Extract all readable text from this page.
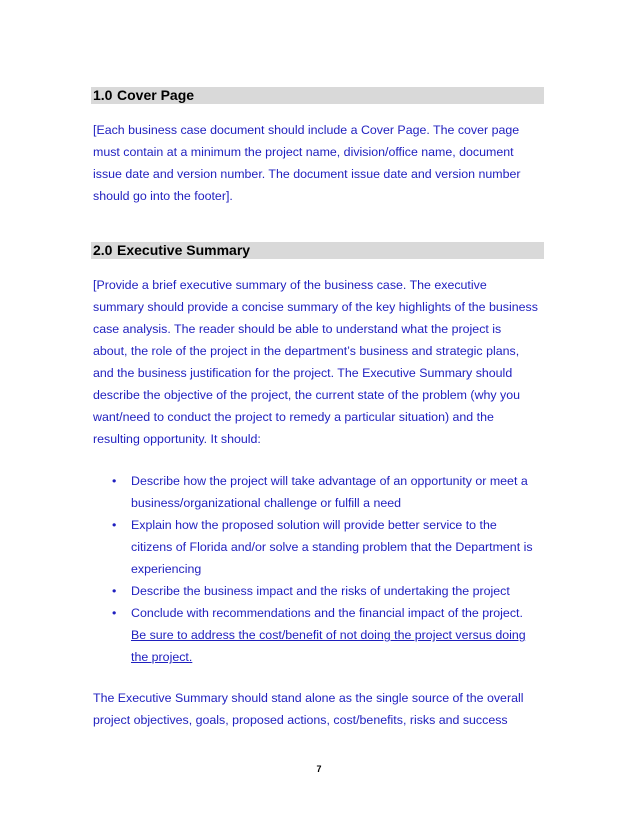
1.0 Cover Page
[Each business case document should include a Cover Page. The cover page
must contain at a minimum the project name, division/office name, document
issue date and version number. The document issue date and version number
should go into the footer].
2.0 Executive Summary
[Provide a brief executive summary of the business case. The executive
summary should provide a concise summary of the key highlights of the business
case analysis. The reader should be able to understand what the project is
about, the role of the project in the department’s business and strategic plans,
and the business justification for the project. The Executive Summary should
describe the objective of the project, the current state of the problem (why you
want/need to conduct the project to remedy a particular situation) and the
resulting opportunity. It should:
• Describe how the project will take advantage of an opportunity or meet a
business/organizational challenge or fulfill a need
• Explain how the proposed solution will provide better service to the
citizens of Florida and/or solve a standing problem that the Department is
experiencing
• Describe the business impact and the risks of undertaking the project
• Conclude with recommendations and the financial impact of the project.
Be sure to address the cost/benefit of not doing the project versus doing
the project.
The Executive Summary should stand alone as the single source of the overall
project objectives, goals, proposed actions, cost/benefits, risks and success
7
